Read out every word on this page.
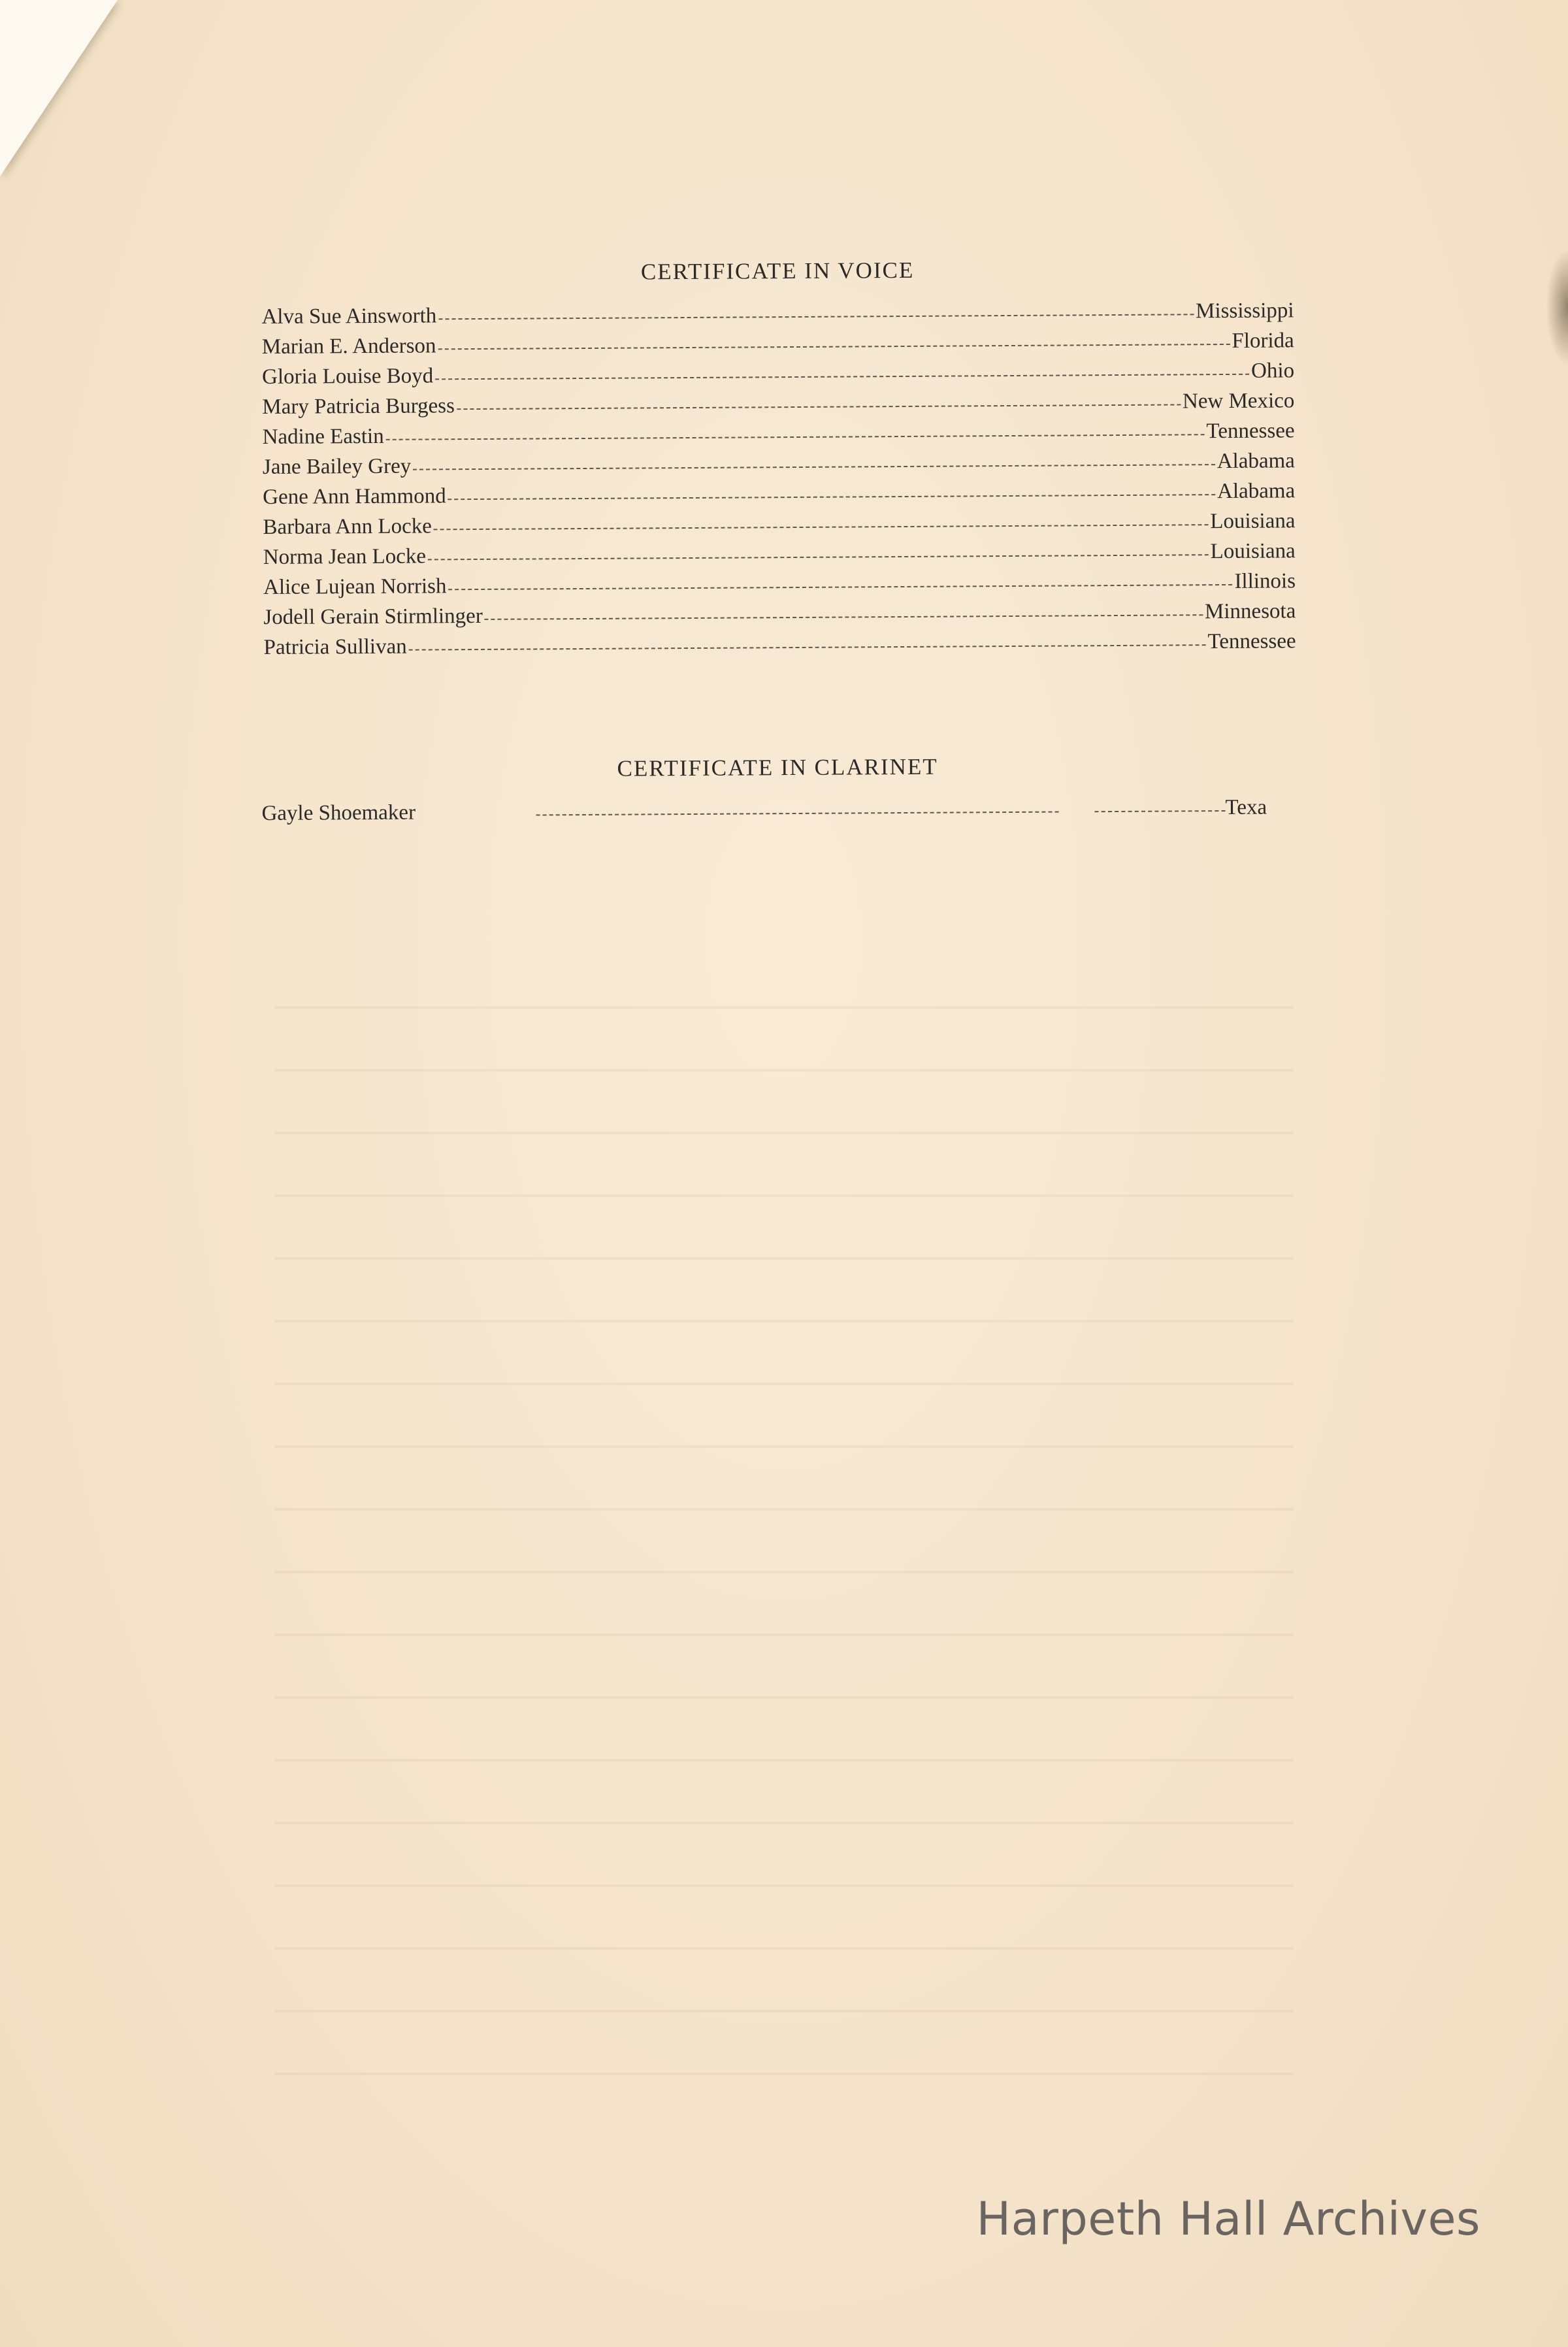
CERTIFICATE IN VOICE
Alva Sue Ainsworth	Mississippi
Marian E. Anderson	Florida
Gloria Louise Boyd	Ohio
Mary Patricia Burgess	New Mexico
Nadine Eastin	Tennessee
Jane Bailey Grey	Alabama
Gene Ann Hammond	Alabama
Barbara Ann Locke	Louisiana
Norma Jean Locke	Louisiana
Alice Lujean Norrish	Illinois
Jodell Gerain Stirmlinger	Minnesota
Patricia Sullivan	Tennessee
CERTIFICATE IN CLARINET
Gayle Shoemaker	Texa
Harpeth Hall Archives
